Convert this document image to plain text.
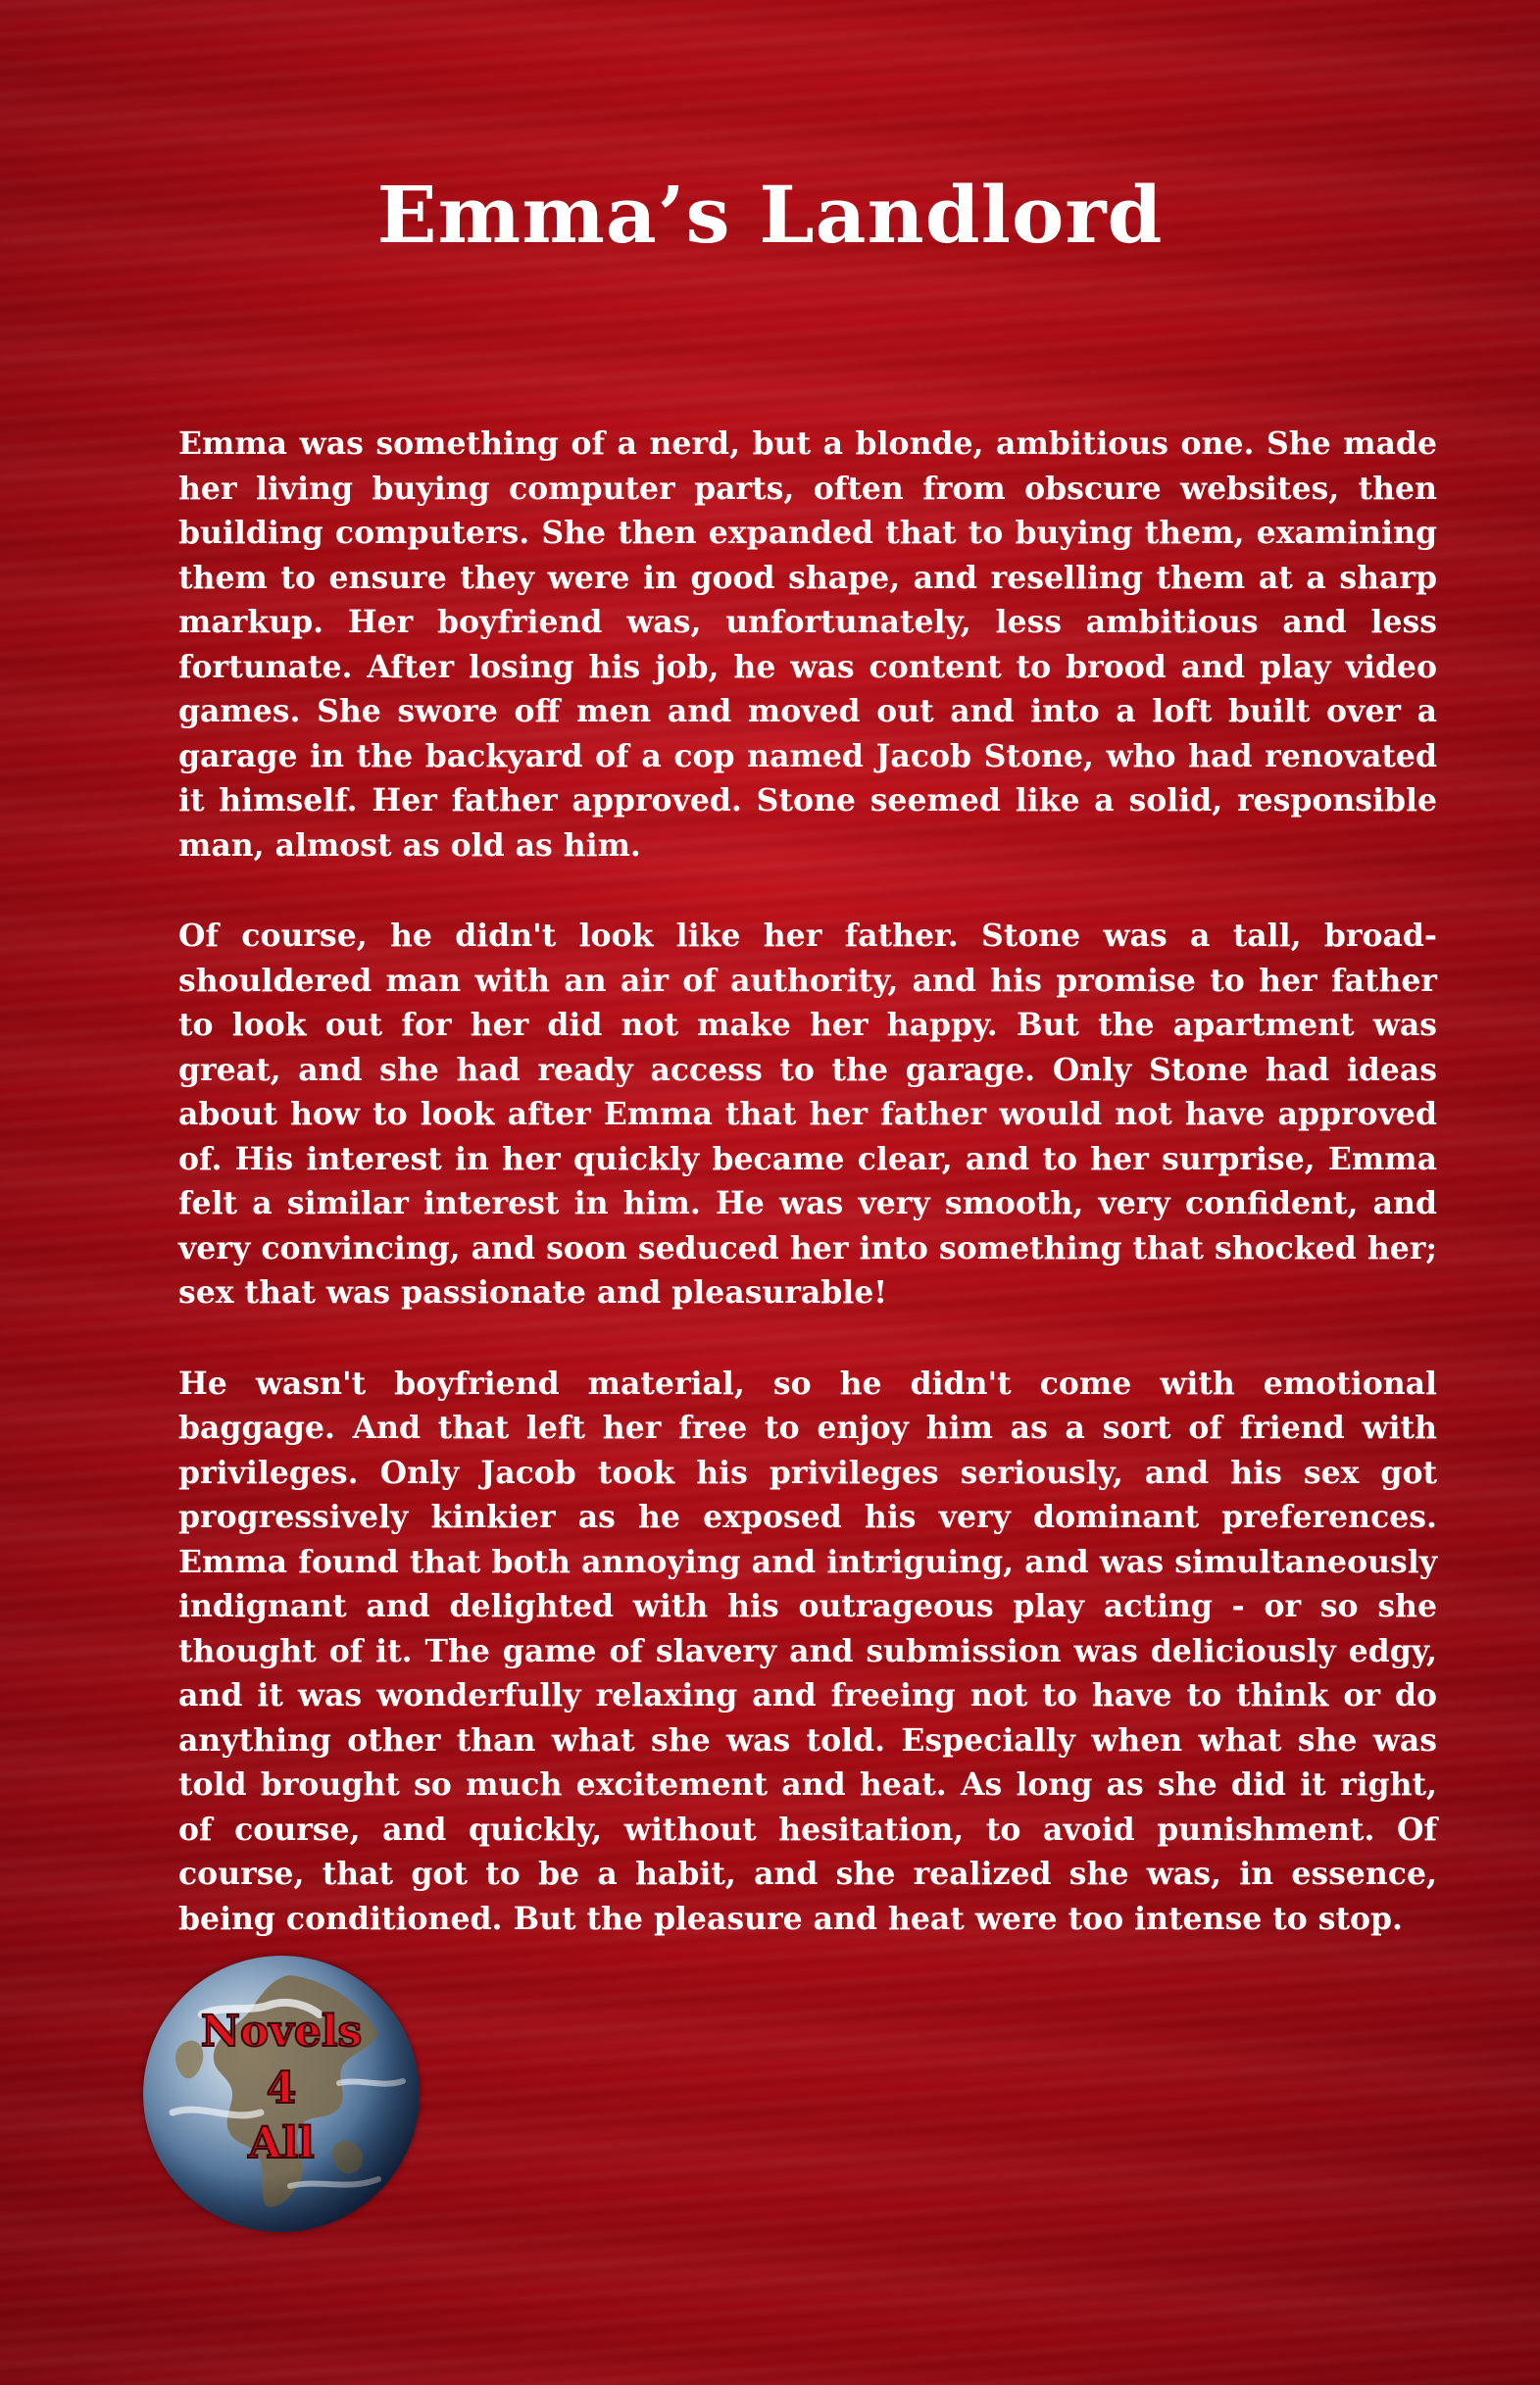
Emma’s Landlord

Emma was something of a nerd, but a blonde, ambitious one. She made her living buying computer parts, often from obscure websites, then building computers. She then expanded that to buying them, examining them to ensure they were in good shape, and reselling them at a sharp markup. Her boyfriend was, unfortunately, less ambitious and less fortunate. After losing his job, he was content to brood and play video games. She swore off men and moved out and into a loft built over a garage in the backyard of a cop named Jacob Stone, who had renovated it himself. Her father approved. Stone seemed like a solid, responsible man, almost as old as him.

Of course, he didn't look like her father. Stone was a tall, broad-shouldered man with an air of authority, and his promise to her father to look out for her did not make her happy. But the apartment was great, and she had ready access to the garage. Only Stone had ideas about how to look after Emma that her father would not have approved of. His interest in her quickly became clear, and to her surprise, Emma felt a similar interest in him. He was very smooth, very confident, and very convincing, and soon seduced her into something that shocked her; sex that was passionate and pleasurable!

He wasn't boyfriend material, so he didn't come with emotional baggage. And that left her free to enjoy him as a sort of friend with privileges. Only Jacob took his privileges seriously, and his sex got progressively kinkier as he exposed his very dominant preferences. Emma found that both annoying and intriguing, and was simultaneously indignant and delighted with his outrageous play acting - or so she thought of it. The game of slavery and submission was deliciously edgy, and it was wonderfully relaxing and freeing not to have to think or do anything other than what she was told. Especially when what she was told brought so much excitement and heat. As long as she did it right, of course, and quickly, without hesitation, to avoid punishment. Of course, that got to be a habit, and she realized she was, in essence, being conditioned. But the pleasure and heat were too intense to stop.

Novels
4
All
